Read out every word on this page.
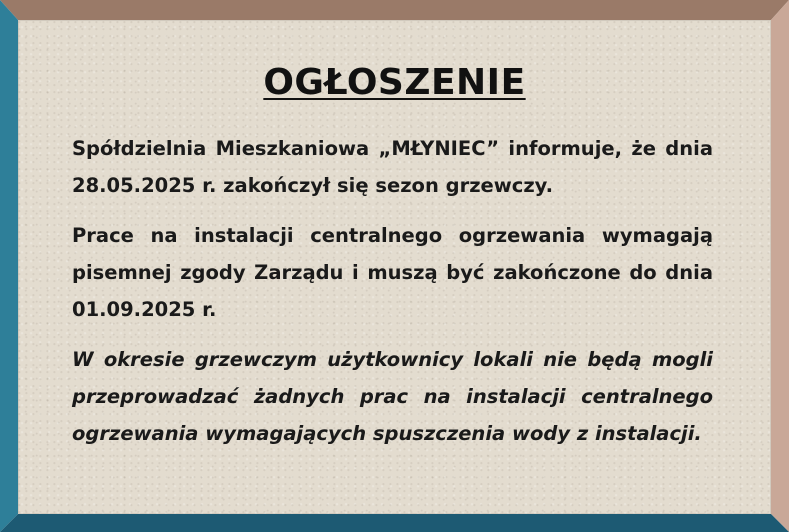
OGŁOSZENIE

Spółdzielnia Mieszkaniowa „MŁYNIEC” informuje, że dnia 28.05.2025 r. zakończył się sezon grzewczy.

Prace na instalacji centralnego ogrzewania wymagają pisemnej zgody Zarządu i muszą być zakończone do dnia 01.09.2025 r.

W okresie grzewczym użytkownicy lokali nie będą mogli przeprowadzać żadnych prac na instalacji centralnego ogrzewania wymagających spuszczenia wody z instalacji.
